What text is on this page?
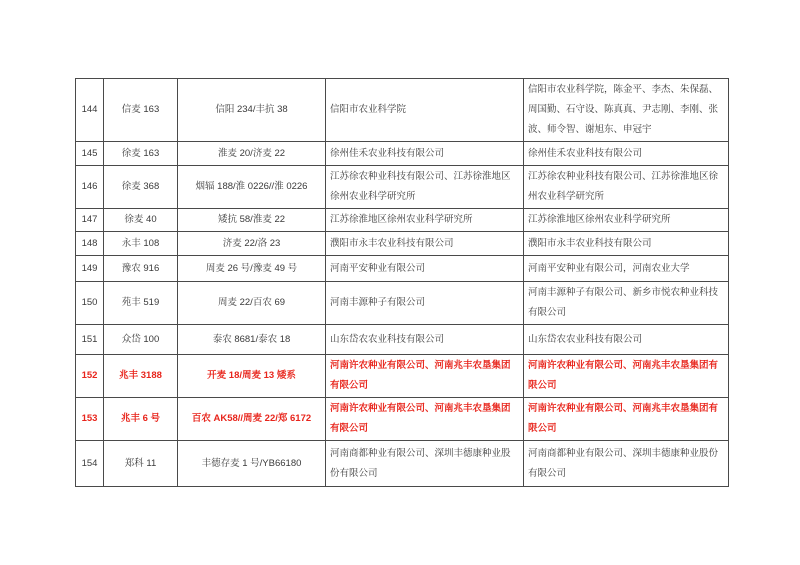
144	信麦 163	信阳 234/丰抗 38	信阳市农业科学院	信阳市农业科学院，陈金平、李杰、朱保磊、周国勤、石守设、陈真真、尹志刚、李刚、张波、师令智、谢旭东、申冠宇
145	徐麦 163	淮麦 20/济麦 22	徐州佳禾农业科技有限公司	徐州佳禾农业科技有限公司
146	徐麦 368	烟辐 188/淮 0226//淮 0226	江苏徐农种业科技有限公司、江苏徐淮地区徐州农业科学研究所	江苏徐农种业科技有限公司、江苏徐淮地区徐州农业科学研究所
147	徐麦 40	矮抗 58/淮麦 22	江苏徐淮地区徐州农业科学研究所	江苏徐淮地区徐州农业科学研究所
148	永丰 108	济麦 22/洛 23	濮阳市永丰农业科技有限公司	濮阳市永丰农业科技有限公司
149	豫农 916	周麦 26 号/豫麦 49 号	河南平安种业有限公司	河南平安种业有限公司，河南农业大学
150	苑丰 519	周麦 22/百农 69	河南丰源种子有限公司	河南丰源种子有限公司、新乡市悦农种业科技有限公司
151	众岱 100	泰农 8681/泰农 18	山东岱农农业科技有限公司	山东岱农农业科技有限公司
152	兆丰 3188	开麦 18/周麦 13 矮系	河南许农种业有限公司、河南兆丰农垦集团有限公司	河南许农种业有限公司、河南兆丰农垦集团有限公司
153	兆丰 6 号	百农 AK58//周麦 22/郑 6172	河南许农种业有限公司、河南兆丰农垦集团有限公司	河南许农种业有限公司、河南兆丰农垦集团有限公司
154	郑科 11	丰德存麦 1 号/YB66180	河南商都种业有限公司、深圳丰德康种业股份有限公司	河南商都种业有限公司、深圳丰德康种业股份有限公司
